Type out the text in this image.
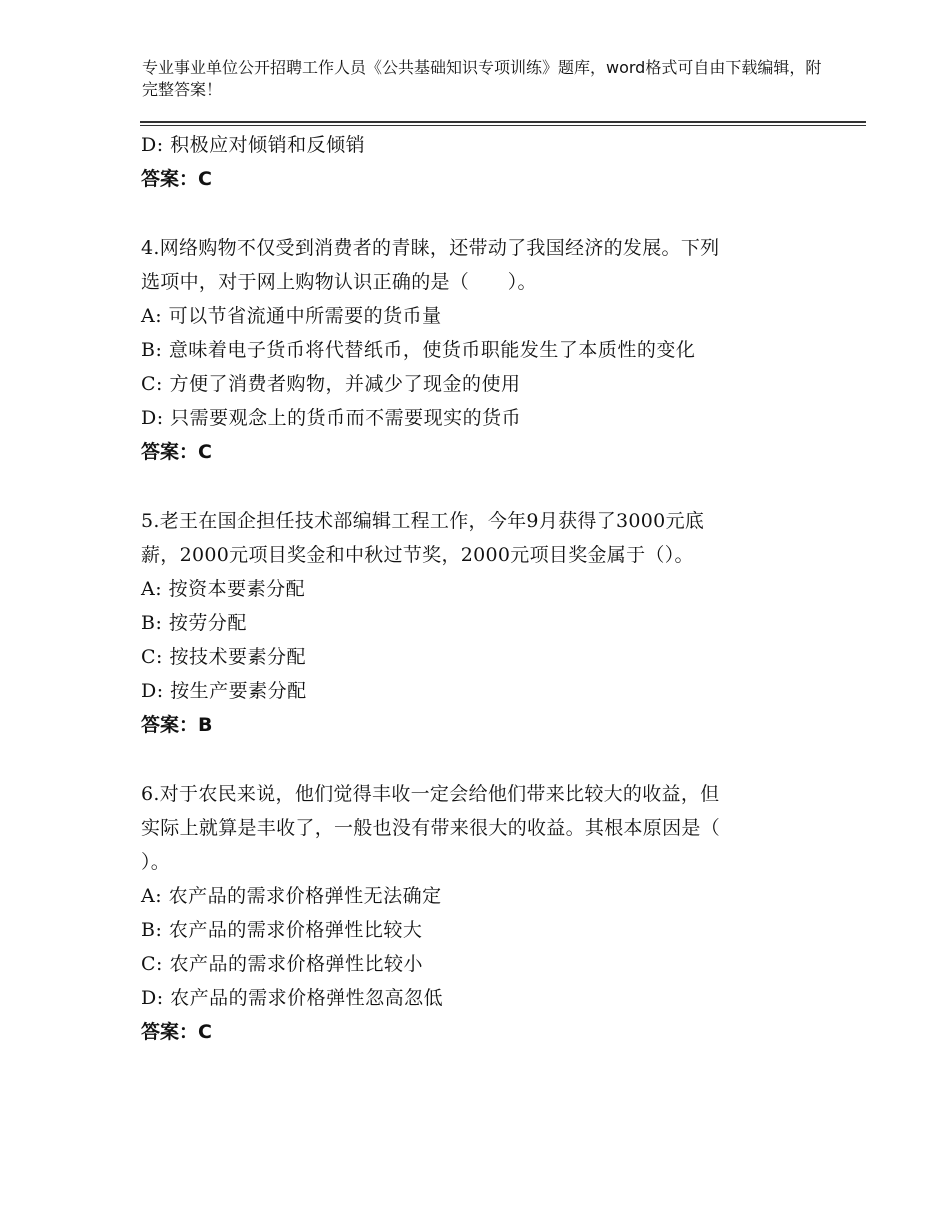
专业事业单位公开招聘工作人员《公共基础知识专项训练》题库，word格式可自由下载编辑，附完整答案！
D: 积极应对倾销和反倾销
答案：C
4.网络购物不仅受到消费者的青睐，还带动了我国经济的发展。下列
选项中，对于网上购物认识正确的是（　　）。
A: 可以节省流通中所需要的货币量
B: 意味着电子货币将代替纸币，使货币职能发生了本质性的变化
C: 方便了消费者购物，并减少了现金的使用
D: 只需要观念上的货币而不需要现实的货币
答案：C
5.老王在国企担任技术部编辑工程工作，今年9月获得了3000元底
薪，2000元项目奖金和中秋过节奖，2000元项目奖金属于（）。
A: 按资本要素分配
B: 按劳分配
C: 按技术要素分配
D: 按生产要素分配
答案：B
6.对于农民来说，他们觉得丰收一定会给他们带来比较大的收益，但
实际上就算是丰收了，一般也没有带来很大的收益。其根本原因是（
）。
A: 农产品的需求价格弹性无法确定
B: 农产品的需求价格弹性比较大
C: 农产品的需求价格弹性比较小
D: 农产品的需求价格弹性忽高忽低
答案：C
